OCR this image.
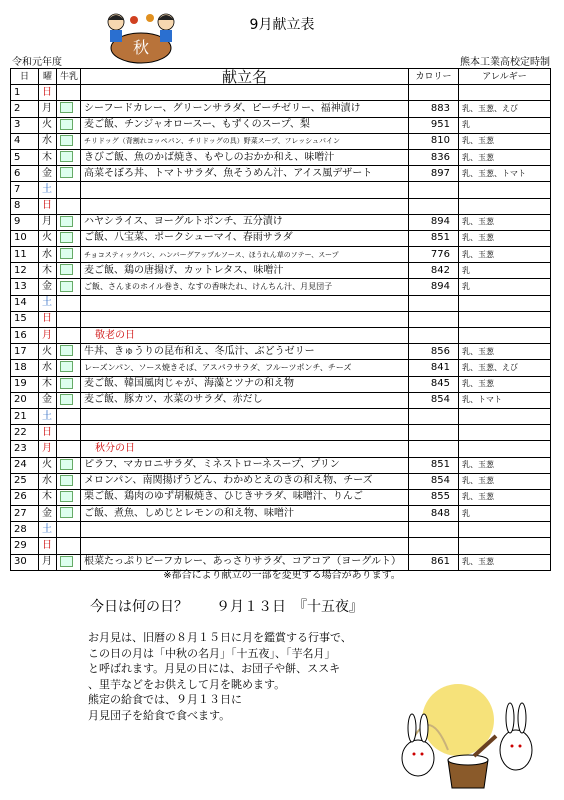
9月献立表
令和元年度	熊本工業高校定時制
秋
日	曜	牛乳	献立名	カロリー	アレルギー
1	日				
2	月		シーフードカレー、グリーンサラダ、ピーチゼリー、福神漬け	883	乳、玉葱、えび
3	火		麦ご飯、チンジャオロースー、もずくのスープ、梨	951	乳
4	水		チリドッグ（背割れコッペパン、チリドッグの具）野菜スープ、フレッシュパイン	810	乳、玉葱
5	木		きびご飯、魚のかば焼き、もやしのおかか和え、味噌汁	836	乳、玉葱
6	金		高菜そぼろ丼、トマトサラダ、魚そうめん汁、アイス風デザート	897	乳、玉葱、トマト
7	土				
8	日				
9	月		ハヤシライス、ヨーグルトポンチ、五分漬け	894	乳、玉葱
10	火		ご飯、八宝菜、ポークシューマイ、春雨サラダ	851	乳、玉葱
11	水		チョコスティックパン、ハンバーグアップルソース、ほうれん草のソテー、スープ	776	乳、玉葱
12	木		麦ご飯、鶏の唐揚げ、カットレタス、味噌汁	842	乳
13	金		ご飯、さんまのホイル巻き、なすの香味たれ、けんちん汁、月見団子	894	乳
14	土				
15	日				
16	月		敬老の日		
17	火		牛丼、きゅうりの昆布和え、冬瓜汁、ぶどうゼリー	856	乳、玉葱
18	水		レーズンパン、ソース焼きそば、アスパラサラダ、フルーツポンチ、チーズ	841	乳、玉葱、えび
19	木		麦ご飯、韓国風肉じゃが、海藻とツナの和え物	845	乳、玉葱
20	金		麦ご飯、豚カツ、水菜のサラダ、赤だし	854	乳、トマト
21	土				
22	日				
23	月		秋分の日		
24	火		ピラフ、マカロニサラダ、ミネストローネスープ、プリン	851	乳、玉葱
25	水		メロンパン、南関揚げうどん、わかめとえのきの和え物、チーズ	854	乳、玉葱
26	木		栗ご飯、鶏肉のゆず胡椒焼き、ひじきサラダ、味噌汁、りんご	855	乳、玉葱
27	金		ご飯、煮魚、しめじとレモンの和え物、味噌汁	848	乳
28	土				
29	日				
30	月		根菜たっぷりビーフカレー、あっさりサラダ、コアコア（ヨーグルト）	861	乳、玉葱
※都合により献立の一部を変更する場合があります。
今日は何の日？　　９月１３日　『十五夜』
お月見は、旧暦の８月１５日に月を鑑賞する行事で、
この日の月は「中秋の名月」「十五夜」、「芋名月」
と呼ばれます。月見の日には、お団子や餅、ススキ
、里芋などをお供えして月を眺めます。
熊定の給食では、９月１３日に
月見団子を給食で食べます。
